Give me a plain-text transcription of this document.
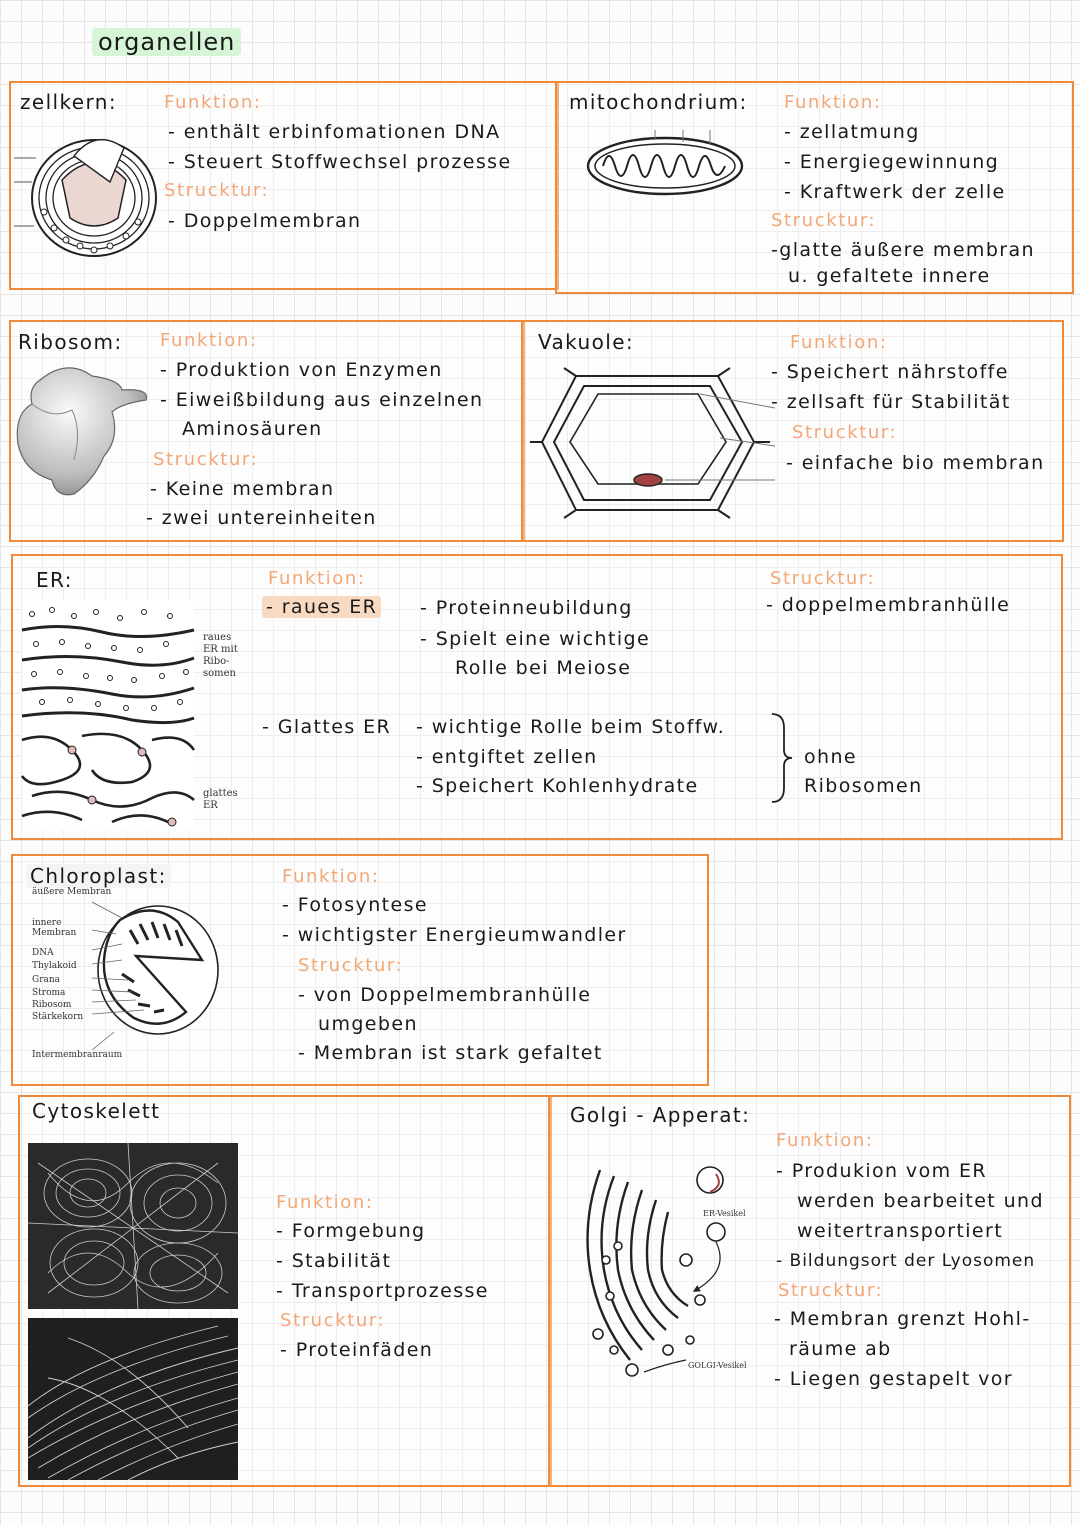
organellen
zellkern:	Funktion:
- enthält erbinfomationen DNA
- Steuert Stoffwechsel prozesse
Strucktur:
- Doppelmembran
mitochondrium: Funktion:
- zellatmung
- Energiegewinnung
- Kraftwerk der zelle
Strucktur:
-glatte äußere membran
u. gefaltete innere
Ribosom: Funktion:
- Produktion von Enzymen
- Eiweißbildung aus einzelnen
Aminosäuren
Strucktur:
- Keine membran
- zwei untereinheiten
Vakuole:	Funktion:
- Speichert nährstoffe
- zellsaft für Stabilität
Strucktur:
- einfache bio membran
ER:
raues
ER mit
Ribo-
somen
glattes
ER
Funktion:
- raues ER - Proteinneubildung
- Spielt eine wichtige
Rolle bei Meiose
- Glattes ER - wichtige Rolle beim Stoffw.
- entgiftet zellen
- Speichert Kohlenhydrate
ohne
Ribosomen
Strucktur:
- doppelmembranhülle
Chloroplast:
äußere Membran
innere
Membran
DNA
Thylakoid
Grana
Stroma
Ribosom
Stärkekorn
Intermembranraum
Funktion:
- Fotosyntese
- wichtigster Energieumwandler
Strucktur:
- von Doppelmembranhülle
umgeben
- Membran ist stark gefaltet
Cytoskelett
Funktion:
- Formgebung
- Stabilität
- Transportprozesse
Strucktur:
- Proteinfäden
Golgi - Apperat:
ER-Vesikel
GOLGI-Vesikel
Funktion:
- Produkion vom ER
werden bearbeitet und
weitertransportiert
- Bildungsort der Lyosomen
Strucktur:
- Membran grenzt Hohl-
räume ab
- Liegen gestapelt vor
